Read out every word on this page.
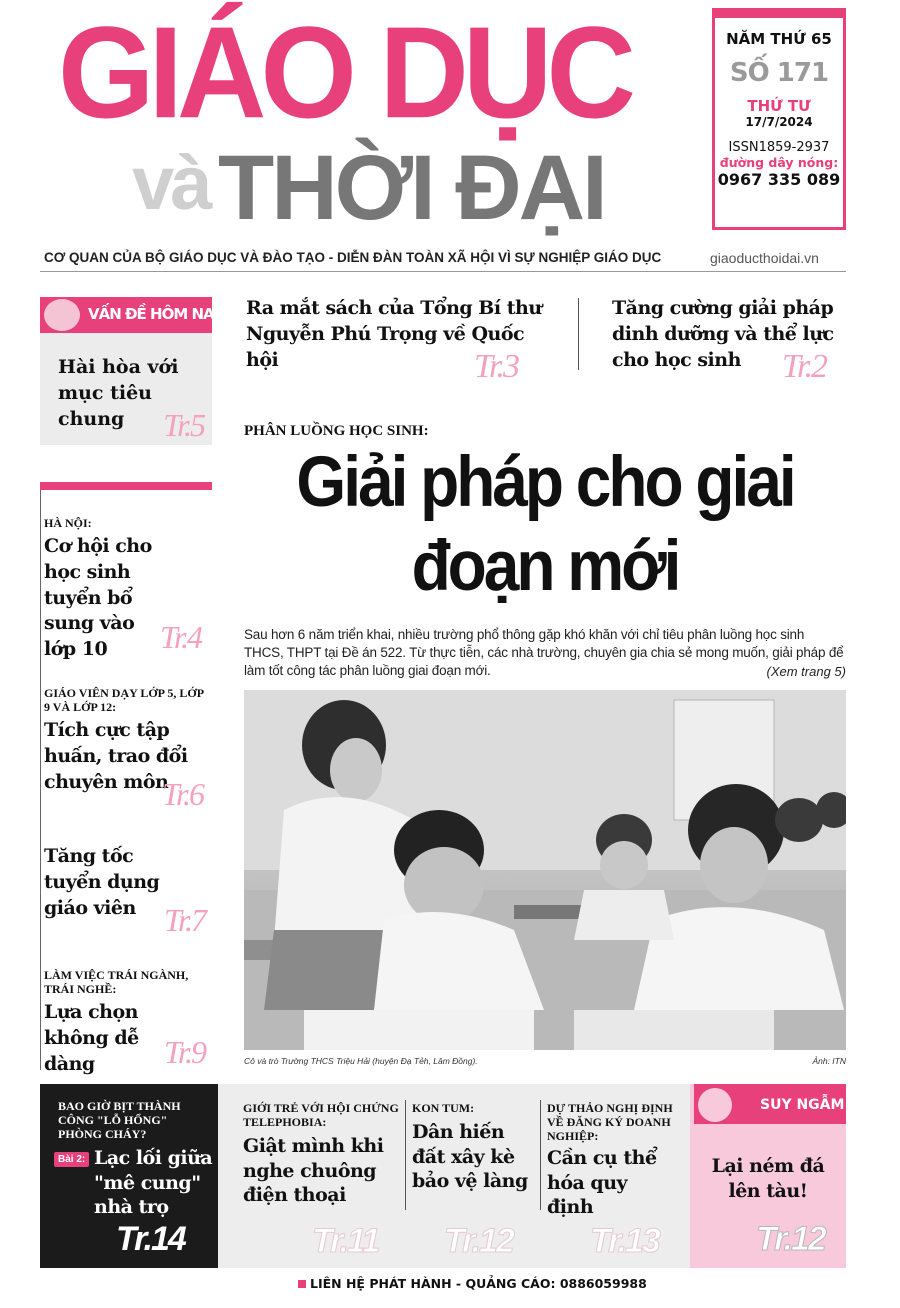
GIÁO DỤC
và THỜI ĐẠI
NĂM THỨ 65
SỐ 171
THỨ TƯ
17/7/2024
ISSN1859-2937
đường dây nóng:
0967 335 089
CƠ QUAN CỦA BỘ GIÁO DỤC VÀ ĐÀO TẠO - DIỄN ĐÀN TOÀN XÃ HỘI VÌ SỰ NGHIỆP GIÁO DỤC	giaoducthoidai.vn
VẤN ĐỀ HÔM NAY
Hài hòa với mục tiêu chung	Tr.5
Ra mắt sách của Tổng Bí thư Nguyễn Phú Trọng về Quốc hội	Tr.3
Tăng cường giải pháp dinh dưỡng và thể lực cho học sinh	Tr.2
PHÂN LUỒNG HỌC SINH:
Giải pháp cho giai đoạn mới
Sau hơn 6 năm triển khai, nhiều trường phổ thông gặp khó khăn với chỉ tiêu phân luồng học sinh THCS, THPT tại Đề án 522. Từ thực tiễn, các nhà trường, chuyên gia chia sẻ mong muốn, giải pháp để làm tốt công tác phân luồng giai đoạn mới.	(Xem trang 5)
Cô và trò Trường THCS Triệu Hải (huyện Đạ Tẻh, Lâm Đồng).	Ảnh: ITN
HÀ NỘI:
Cơ hội cho học sinh tuyển bổ sung vào lớp 10	Tr.4
GIÁO VIÊN DẠY LỚP 5, LỚP 9 VÀ LỚP 12:
Tích cực tập huấn, trao đổi chuyên môn
Tr.6
Tăng tốc tuyển dụng giáo viên Tr.7
LÀM VIỆC TRÁI NGÀNH, TRÁI NGHỀ:
Lựa chọn không dễ dàng	Tr.9
BAO GIỜ BỊT THÀNH CÔNG "LỖ HỔNG" PHÒNG CHÁY?
Bài 2: Lạc lối giữa "mê cung" nhà trọ
Tr.14
GIỚI TRẺ VỚI HỘI CHỨNG TELEPHOBIA:
Giật mình khi nghe chuông điện thoại
Tr.11
KON TUM:
Dân hiến đất xây kè bảo vệ làng
Tr.12
DỰ THẢO NGHỊ ĐỊNH VỀ ĐĂNG KÝ DOANH NGHIỆP:
Cần cụ thể hóa quy định
Tr.13
SUY NGẪM
Lại ném đá lên tàu!
Tr.12
LIÊN HỆ PHÁT HÀNH - QUẢNG CÁO: 0886059988
